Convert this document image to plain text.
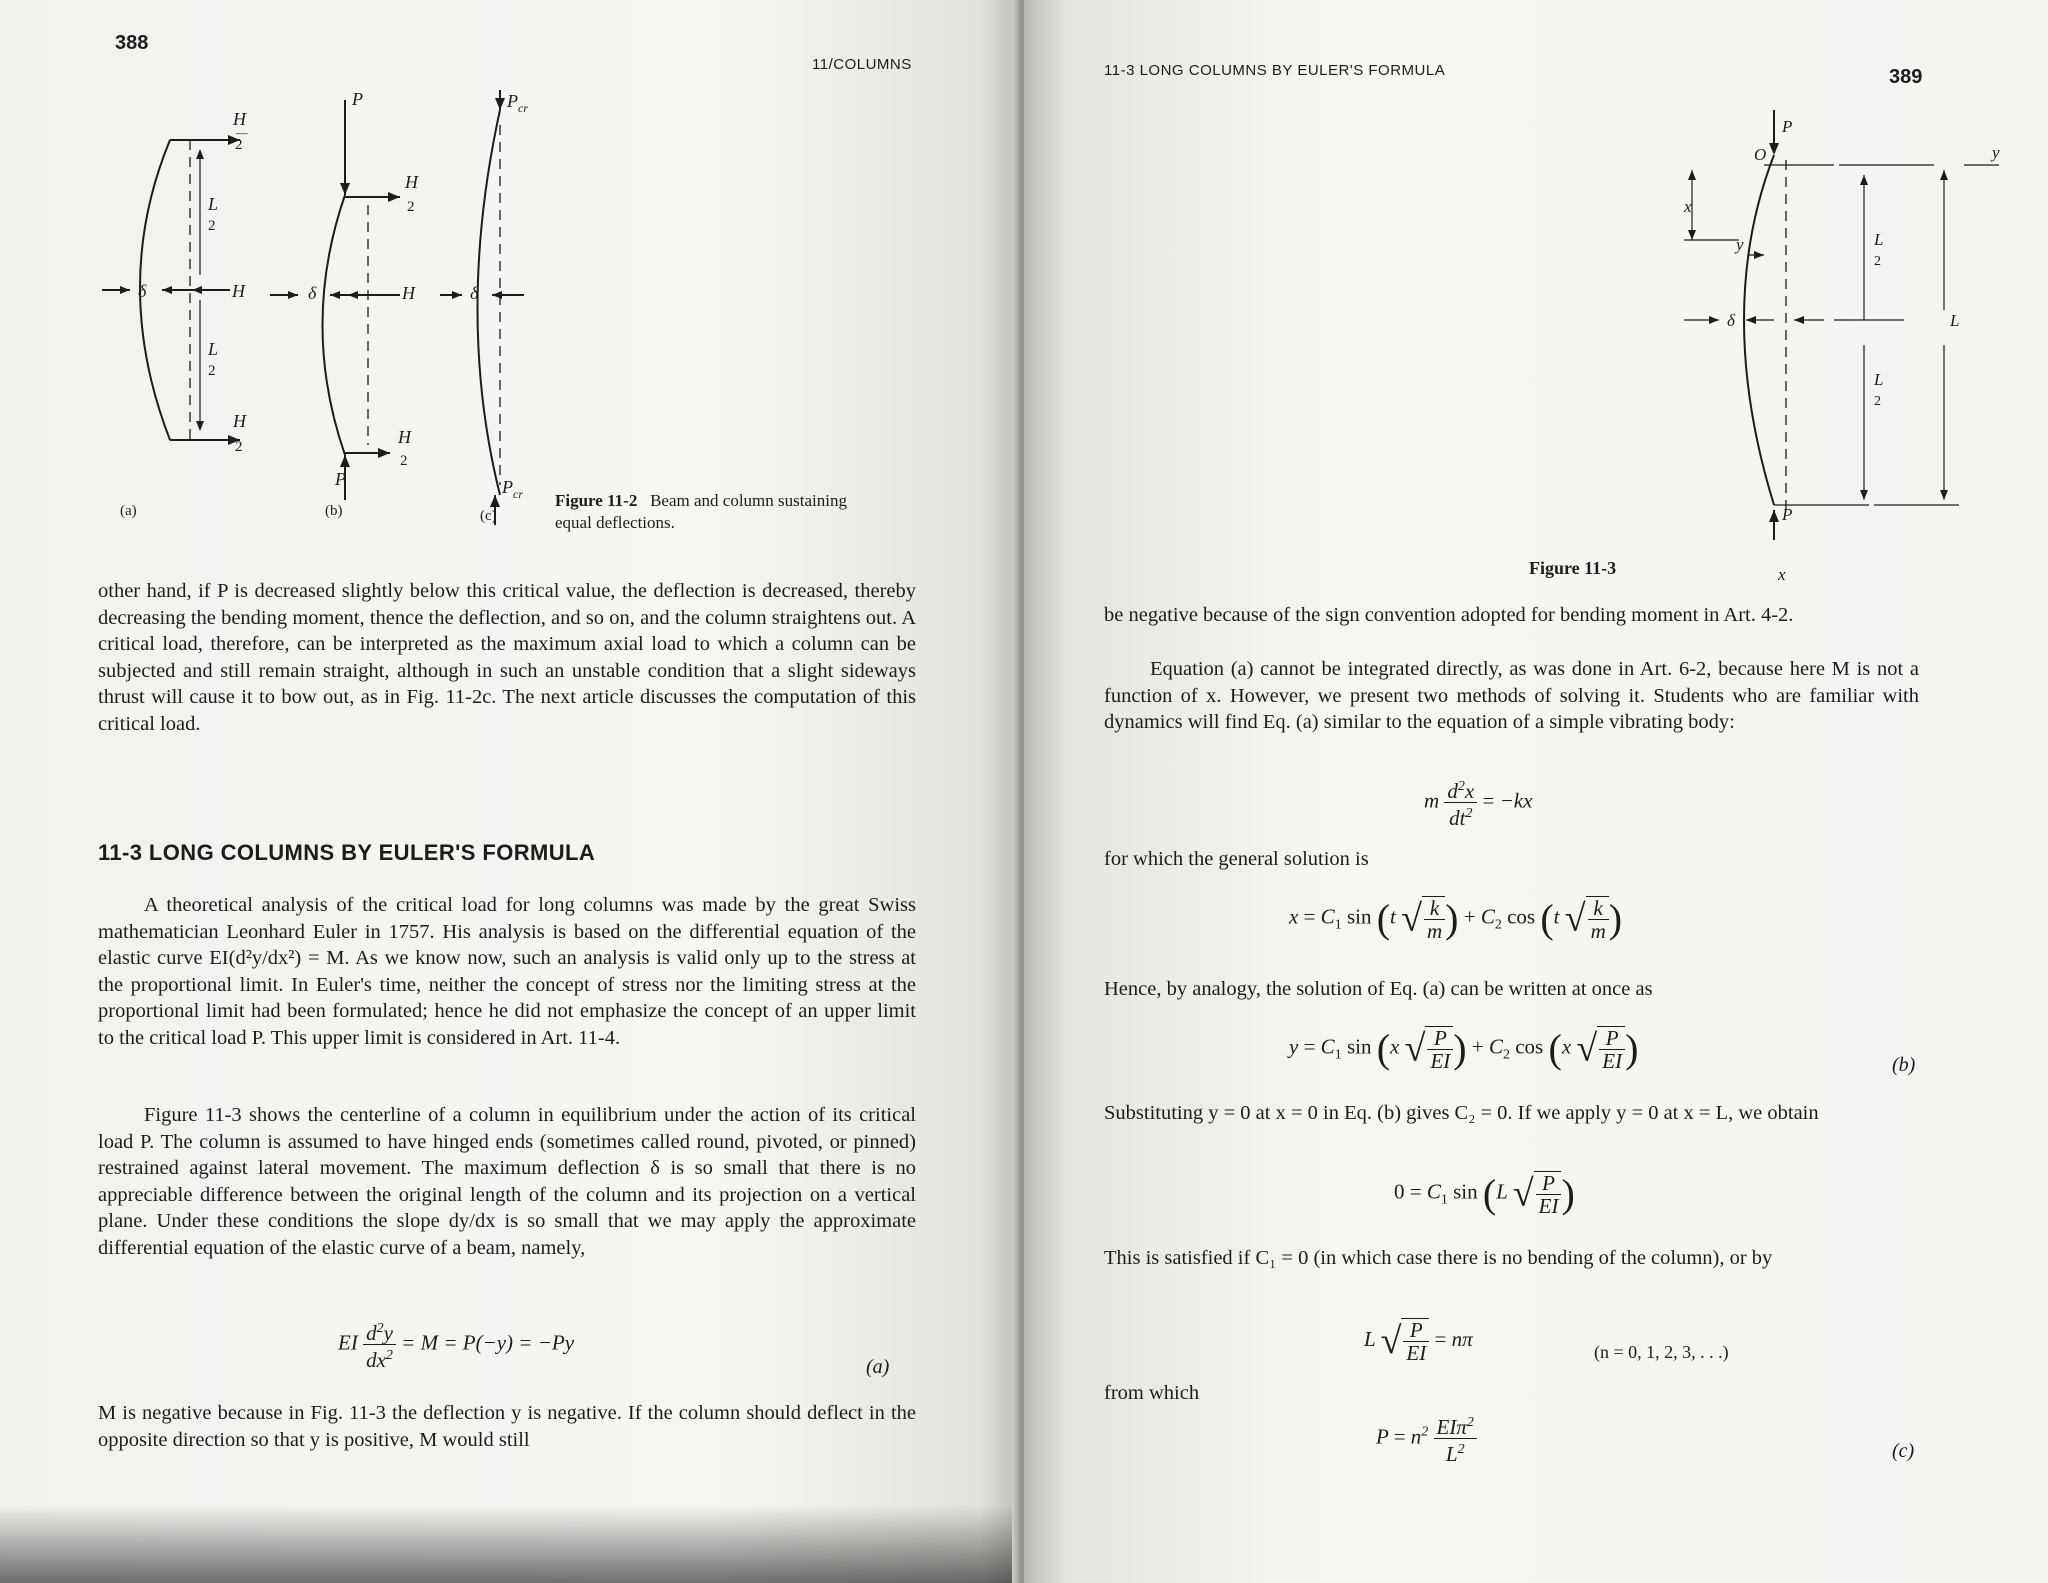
388
11/COLUMNS
H
—
2
H
2
L
2
L
2
δ	H
P
H
2
H
2
δ	H
P
P cr
δ
P cr
(a)	(b)	(c)
Figure 11-2 Beam and column sustaining equal deflections.

other hand, if P is decreased slightly below this critical value, the deflection is decreased, thereby decreasing the bending moment, thence the deflection, and so on, and the column straightens out. A critical load, therefore, can be interpreted as the maximum axial load to which a column can be subjected and still remain straight, although in such an unstable condition that a slight sideways thrust will cause it to bow out, as in Fig. 11-2c. The next article discusses the computation of this critical load.

11-3 LONG COLUMNS BY EULER'S FORMULA

A theoretical analysis of the critical load for long columns was made by the great Swiss mathematician Leonhard Euler in 1757. His analysis is based on the differential equation of the elastic curve EI(d²y/dx²) = M. As we know now, such an analysis is valid only up to the stress at the proportional limit. In Euler's time, neither the concept of stress nor the limiting stress at the proportional limit had been formulated; hence he did not emphasize the concept of an upper limit to the critical load P. This upper limit is considered in Art. 11-4.

Figure 11-3 shows the centerline of a column in equilibrium under the action of its critical load P. The column is assumed to have hinged ends (sometimes called round, pivoted, or pinned) restrained against lateral movement. The maximum deflection δ is so small that there is no appreciable difference between the original length of the column and its projection on a vertical plane. Under these conditions the slope dy/dx is so small that we may apply the approximate differential equation of the elastic curve of a beam, namely,

EI $\frac{d^2y}{dx^2} = M = P(-y) = -Py$
(a)

M is negative because in Fig. 11-3 the deflection y is negative. If the column should deflect in the opposite direction so that y is positive, M would still

11-3 LONG COLUMNS BY EULER'S FORMULA	389
P
O	y
x
y	L
2
L
2
δ	L
P
x
Figure 11-3

be negative because of the sign convention adopted for bending moment in Art. 4-2.

Equation (a) cannot be integrated directly, as was done in Art. 6-2, because here M is not a function of x. However, we present two methods of solving it. Students who are familiar with dynamics will find Eq. (a) similar to the equation of a simple vibrating body:

m $\frac{d^2x}{dt^2} = -kx$

for which the general solution is

$x = C_1$ sin (t √ $\frac{k}{m}$ ) + $C_2$ cos (t √ $\frac{k}{m}$ )

Hence, by analogy, the solution of Eq. (a) can be written at once as

$y = C_1$ sin (x √ $\frac{P}{EI}$ ) + $C_2$ cos (x √ $\frac{P}{EI}$ )	(b)

Substituting y = 0 at x = 0 in Eq. (b) gives C₂ = 0. If we apply y = 0 at x = L, we obtain

$0 = C_1$ sin (L √ $\frac{P}{EI}$ )

This is satisfied if C₁ = 0 (in which case there is no bending of the column), or by

L √ $\frac{P}{EI} = n\pi$
(n = 0, 1, 2, 3, . . .)

from which

$P = n^2 \frac{EI\pi^2}{L^2}$	(c)
